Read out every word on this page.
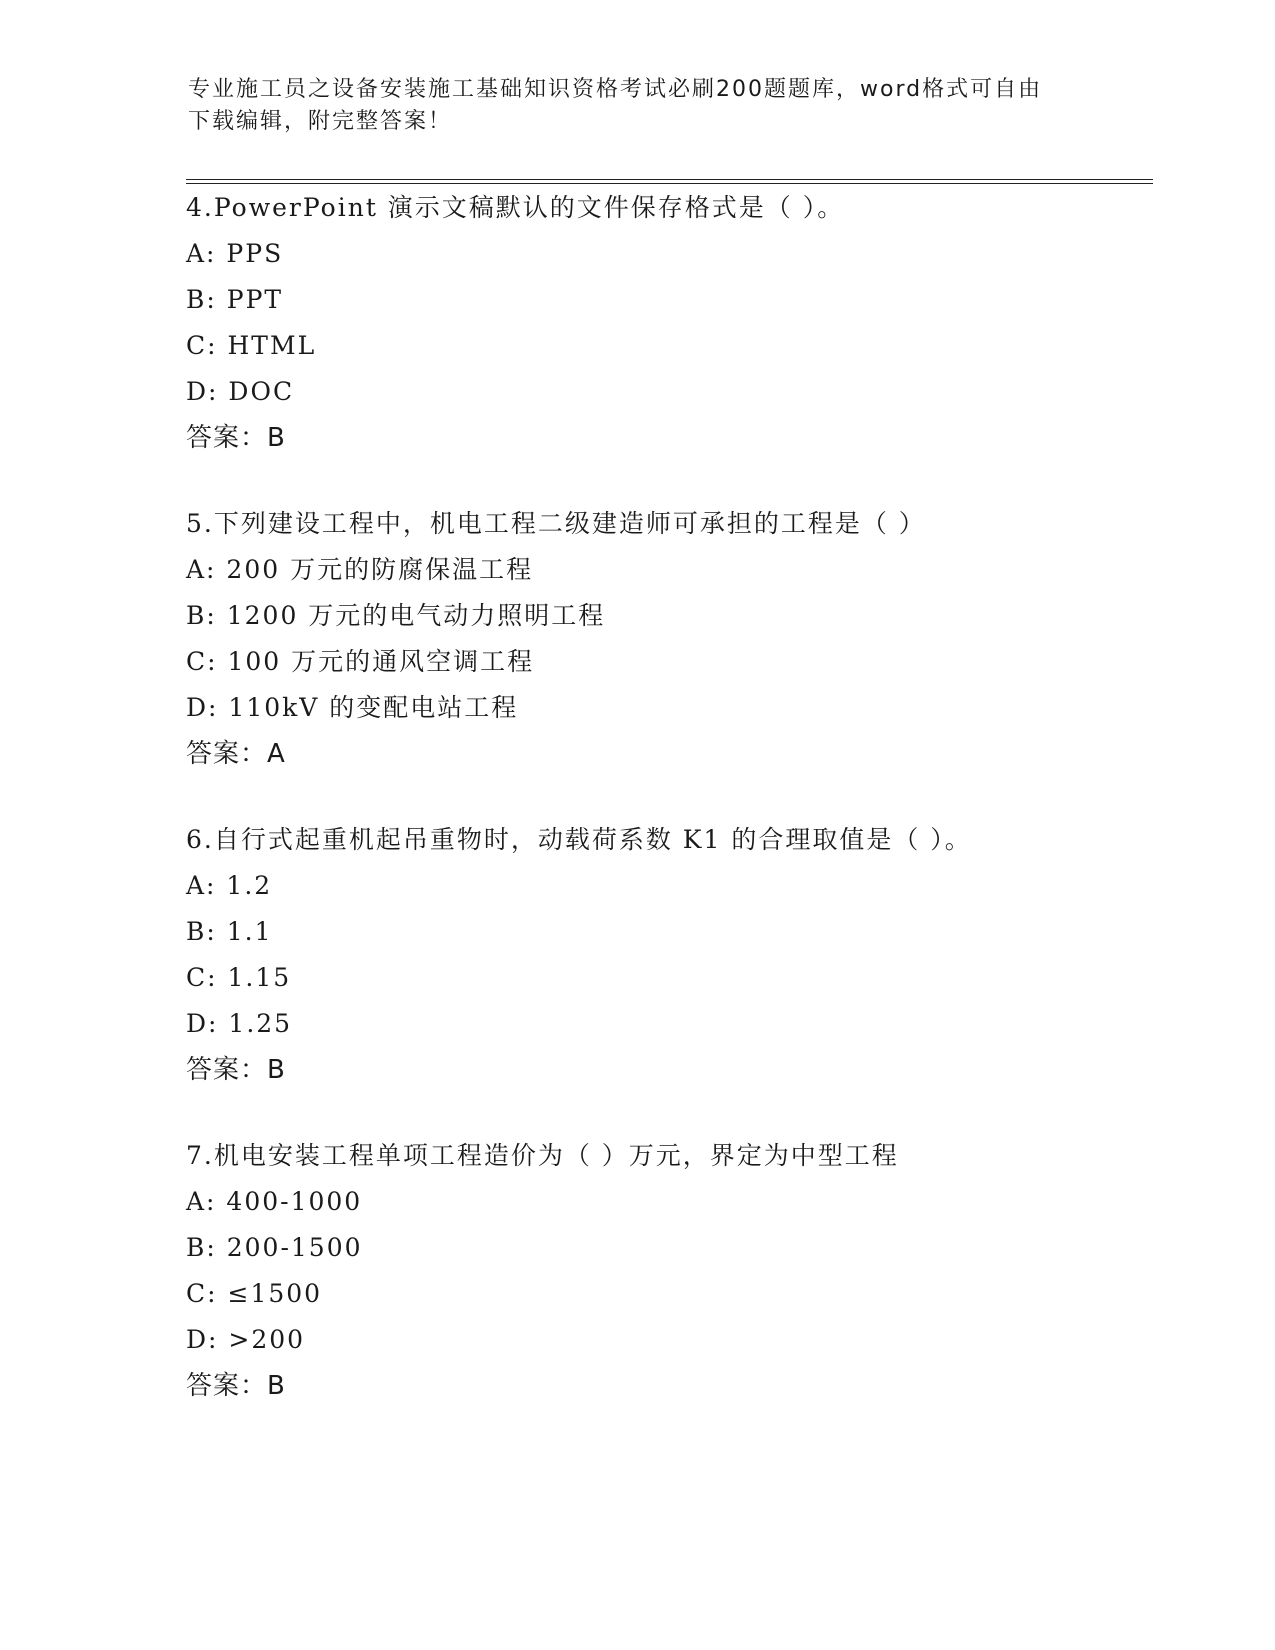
专业施工员之设备安装施工基础知识资格考试必刷200题题库，word格式可自由
下载编辑，附完整答案！
4.PowerPoint 演示文稿默认的文件保存格式是（ ）。
A: PPS
B: PPT
C: HTML
D: DOC
答案：B
5.下列建设工程中，机电工程二级建造师可承担的工程是（ ）
A: 200 万元的防腐保温工程
B: 1200 万元的电气动力照明工程
C: 100 万元的通风空调工程
D: 110kV 的变配电站工程
答案：A
6.自行式起重机起吊重物时，动载荷系数 K1 的合理取值是（ ）。
A: 1.2
B: 1.1
C: 1.15
D: 1.25
答案：B
7.机电安装工程单项工程造价为（ ）万元，界定为中型工程
A: 400-1000
B: 200-1500
C: ≤1500
D: >200
答案：B
